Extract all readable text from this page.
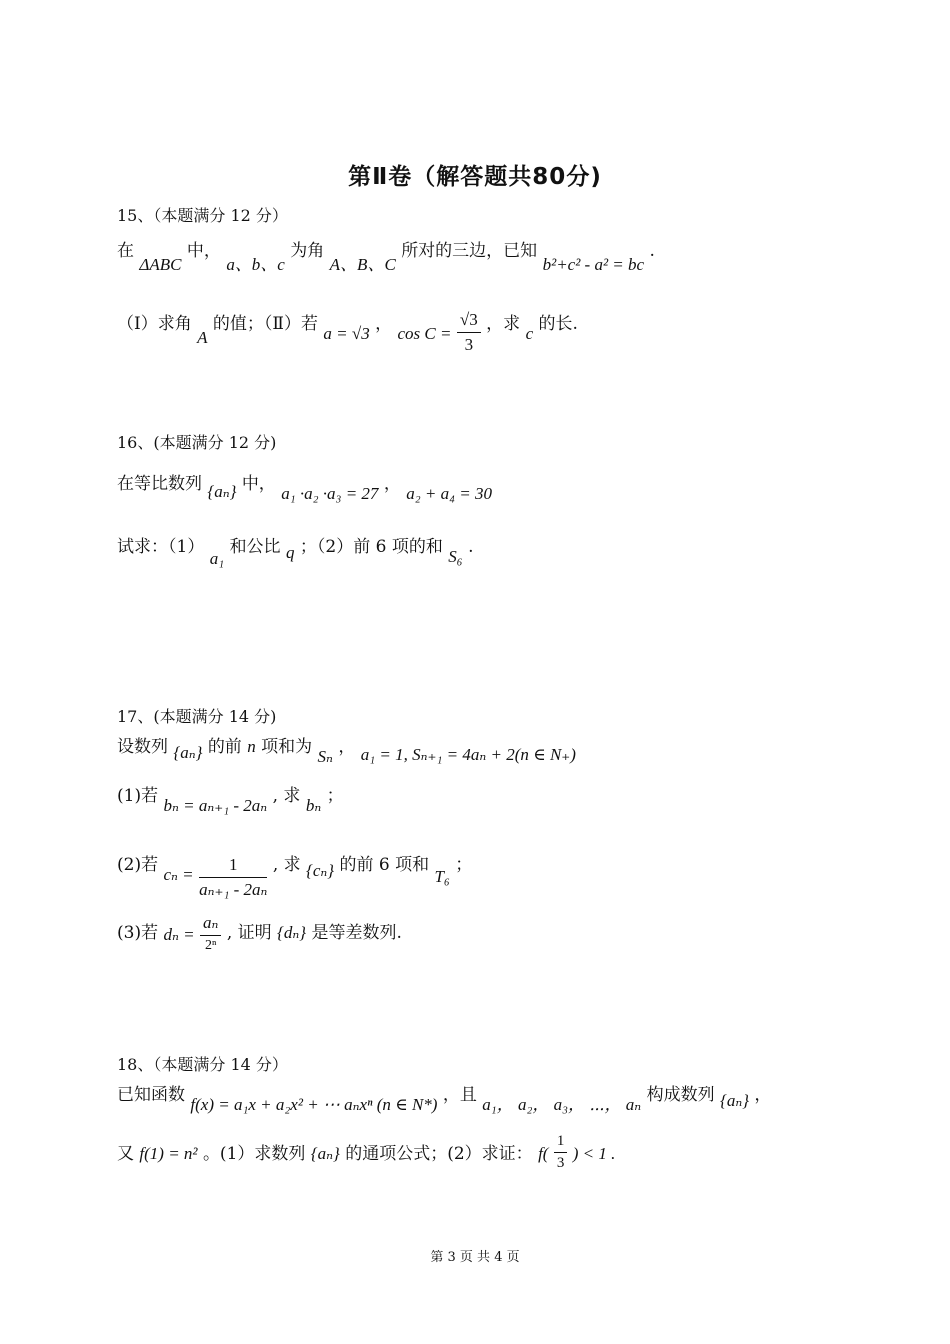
第Ⅱ卷（解答题共80分)
15、（本题满分 12 分）
在 ΔABC 中， a、b、c 为角 A、B、C 所对的三边，已知 b²+c² - a² = bc .
（Ⅰ）求角 A 的值；（Ⅱ）若 a = √3 ， $\cos C = \frac{√3}{3}$ ，求 c 的长.
16、(本题满分 12 分)
在等比数列 {aₙ} 中， a₁ ·a₂ ·a₃ = 27 ， a₂ + a₄ = 30
试求：（1） a₁ 和公比 q ；（2）前 6 项的和 S₆ .
17、(本题满分 14 分)
设数列 {aₙ} 的前 n 项和为 Sₙ ， a₁ = 1, Sₙ₊₁ = 4aₙ + 2(n ∈ N₊)
(1)若 bₙ = aₙ₊₁ - 2aₙ , 求 bₙ ；
(2)若 $c_n = \frac{1}{\text{aₙ₊₁ - 2aₙ}}$ , 求 {cₙ} 的前 6 项和 T₆ ；
(3)若 $d_n = \frac{\text{aₙ}}{\text{2ⁿ}}$ , 证明 {dₙ} 是等差数列.
18、（本题满分 14 分）
已知函数 f(x) = a₁x + a₂x² + ⋯ aₙxⁿ (n ∈ N*) ，且 a₁， a₂， a₃， ⋯， aₙ 构成数列 {aₙ} ，
又 f(1) = n² 。(1）求数列 {aₙ} 的通项公式；(2）求证： $f( \frac{1}{3}$ ) < 1 .
第 3 页 共 4 页
